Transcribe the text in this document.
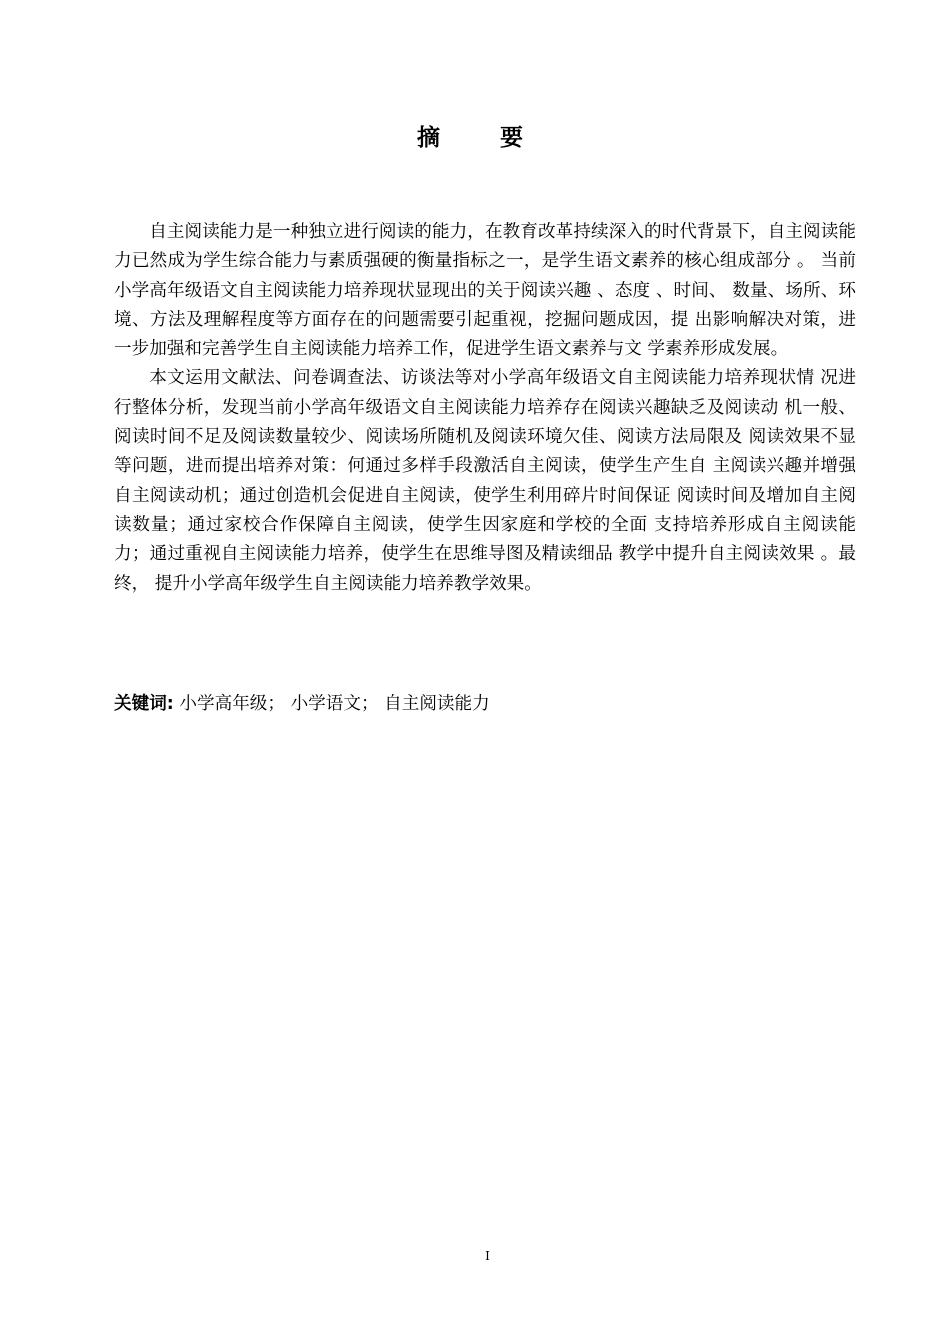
摘 要

自主阅读能力是一种独立进行阅读的能力，在教育改革持续深入的时代背景下，自主阅读能力已然成为学生综合能力与素质强硬的衡量指标之一，是学生语文素养的核心组成部分 。 当前小学高年级语文自主阅读能力培养现状显现出的关于阅读兴趣 、态度 、时间、 数量、场所、环境、方法及理解程度等方面存在的问题需要引起重视，挖掘问题成因，提 出影响解决对策，进一步加强和完善学生自主阅读能力培养工作，促进学生语文素养与文 学素养形成发展。

本文运用文献法、问卷调查法、访谈法等对小学高年级语文自主阅读能力培养现状情 况进行整体分析，发现当前小学高年级语文自主阅读能力培养存在阅读兴趣缺乏及阅读动 机一般、阅读时间不足及阅读数量较少、阅读场所随机及阅读环境欠佳、阅读方法局限及 阅读效果不显等问题，进而提出培养对策：何通过多样手段激活自主阅读，使学生产生自 主阅读兴趣并增强自主阅读动机；通过创造机会促进自主阅读，使学生利用碎片时间保证 阅读时间及增加自主阅读数量；通过家校合作保障自主阅读，使学生因家庭和学校的全面 支持培养形成自主阅读能力；通过重视自主阅读能力培养，使学生在思维导图及精读细品 教学中提升自主阅读效果 。最终， 提升小学高年级学生自主阅读能力培养教学效果。

关键词: 小学高年级； 小学语文； 自主阅读能力
I
